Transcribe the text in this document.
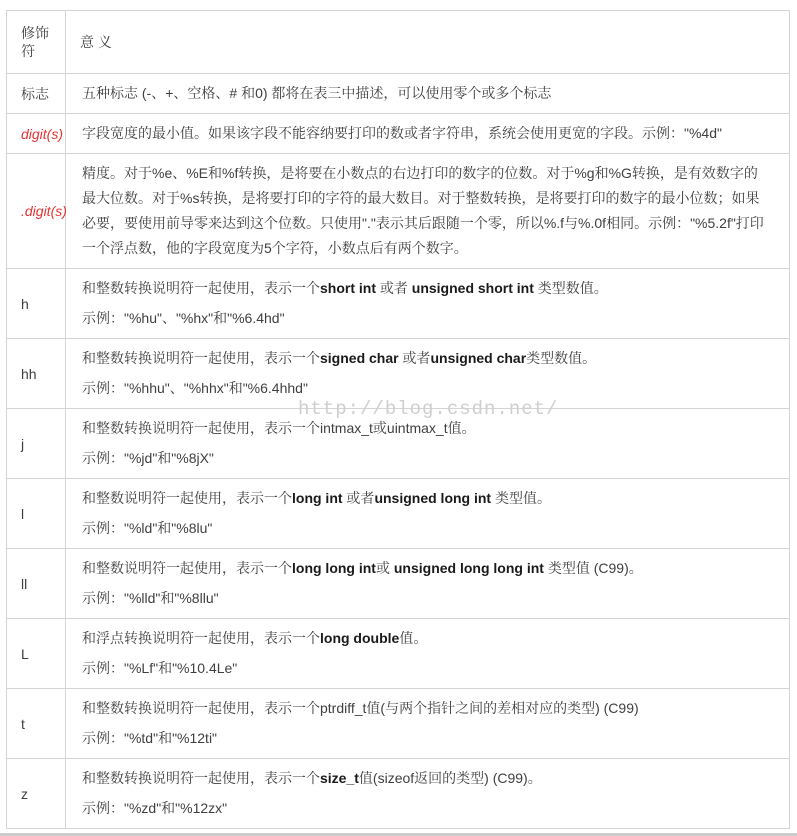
修饰符	意 义
标志	五种标志 (-、+、空格、# 和0) 都将在表三中描述，可以使用零个或多个标志

digit(s)	字段宽度的最小值。如果该字段不能容纳要打印的数或者字符串，系统会使用更宽的字段。示例："%4d"

.digit(s)	精度。对于%e、%E和%f转换，是将要在小数点的右边打印的数字的位数。对于%g和%G转换，是有效数字的最大位数。对于%s转换，是将要打印的字符的最大数目。对于整数转换，是将要打印的数字的最小位数；如果必要，要使用前导零来达到这个位数。只使用"."表示其后跟随一个零，所以%.f与%.0f相同。示例："%5.2f"打印一个浮点数，他的字段宽度为5个字符，小数点后有两个数字。

h	和整数转换说明符一起使用，表示一个short int 或者 unsigned short int 类型数值。

示例："%hu"、"%hx"和"%6.4hd"

hh	和整数转换说明符一起使用，表示一个signed char 或者unsigned char类型数值。

示例："%hhu"、"%hhx"和"%6.4hhd"

j	和整数转换说明符一起使用，表示一个intmax_t或uintmax_t值。

示例："%jd"和"%8jX"

l	和整数说明符一起使用，表示一个long int 或者unsigned long int 类型值。

示例："%ld"和"%8lu"

ll	和整数说明符一起使用，表示一个long long int或 unsigned long long int 类型值 (C99)。

示例："%lld"和"%8llu"

L	和浮点转换说明符一起使用，表示一个long double值。

示例："%Lf"和"%10.4Le"

t	和整数转换说明符一起使用，表示一个ptrdiff_t值(与两个指针之间的差相对应的类型) (C99)

示例："%td"和"%12ti"

z	和整数转换说明符一起使用，表示一个size_t值(sizeof返回的类型) (C99)。

示例："%zd"和"%12zx"

http://blog.csdn.net/
